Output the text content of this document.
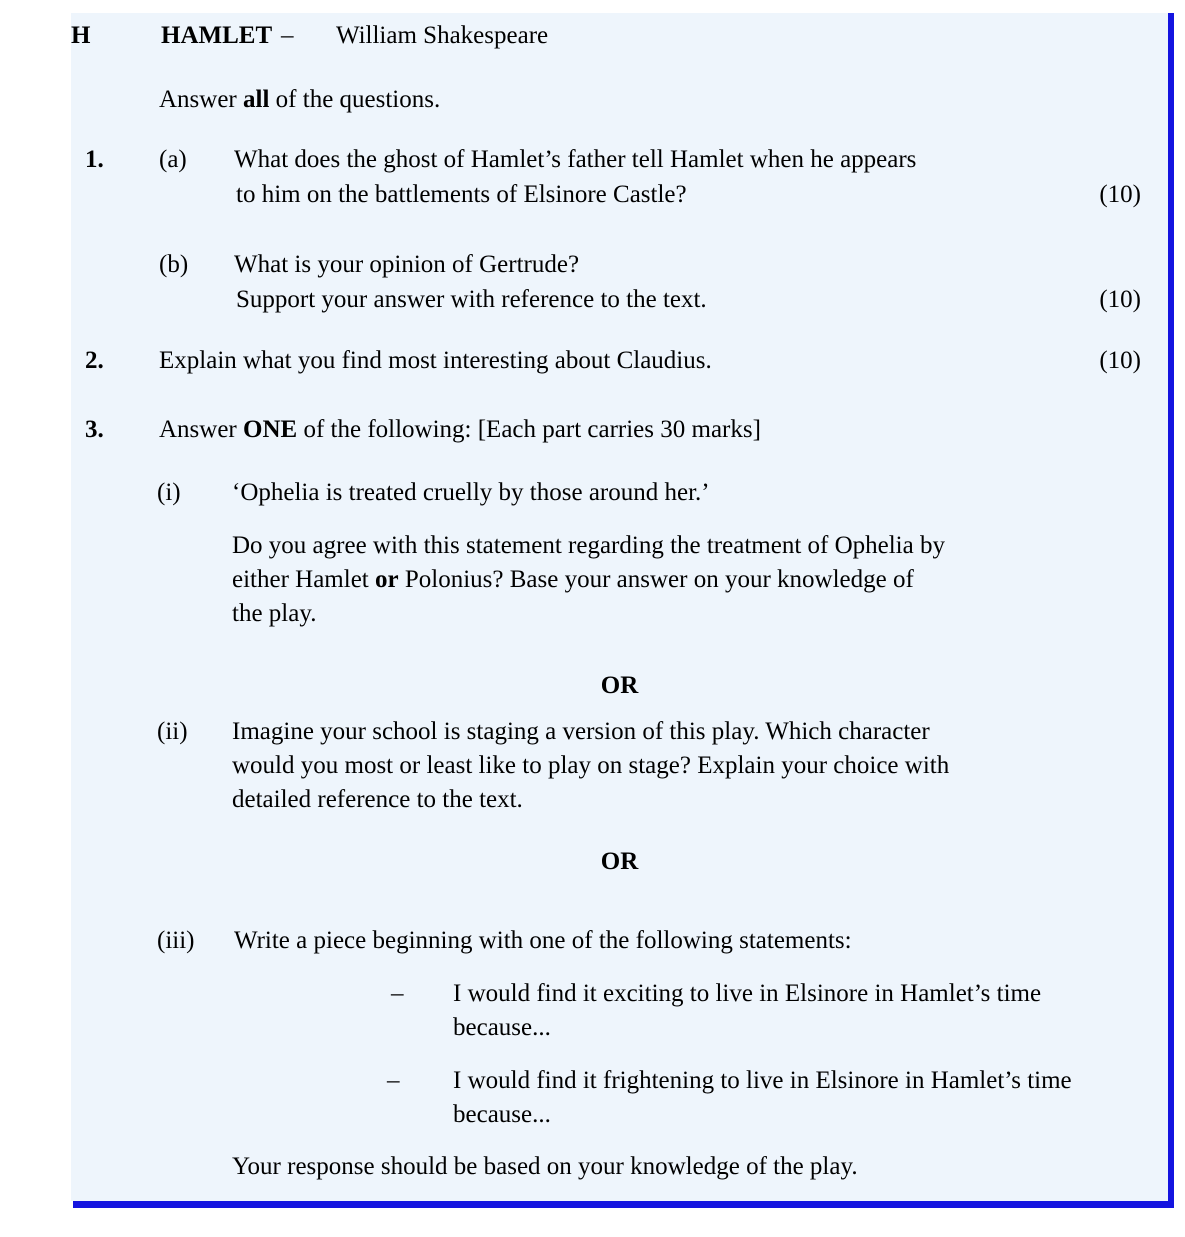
H	HAMLET – William Shakespeare
Answer all of the questions.
1.	(a)	What does the ghost of Hamlet’s father tell Hamlet when he appears
to him on the battlements of Elsinore Castle?	(10)
(b)	What is your opinion of Gertrude?
Support your answer with reference to the text.	(10)
2.	Explain what you find most interesting about Claudius.	(10)
3.	Answer ONE of the following: [Each part carries 30 marks]
(i)	‘Ophelia is treated cruelly by those around her.’
Do you agree with this statement regarding the treatment of Ophelia by
either Hamlet or Polonius? Base your answer on your knowledge of
the play.
OR
(ii)	Imagine your school is staging a version of this play. Which character
would you most or least like to play on stage? Explain your choice with
detailed reference to the text.
OR
(iii)	Write a piece beginning with one of the following statements:
– I would find it exciting to live in Elsinore in Hamlet’s time
because...
– I would find it frightening to live in Elsinore in Hamlet’s time
because...
Your response should be based on your knowledge of the play.
